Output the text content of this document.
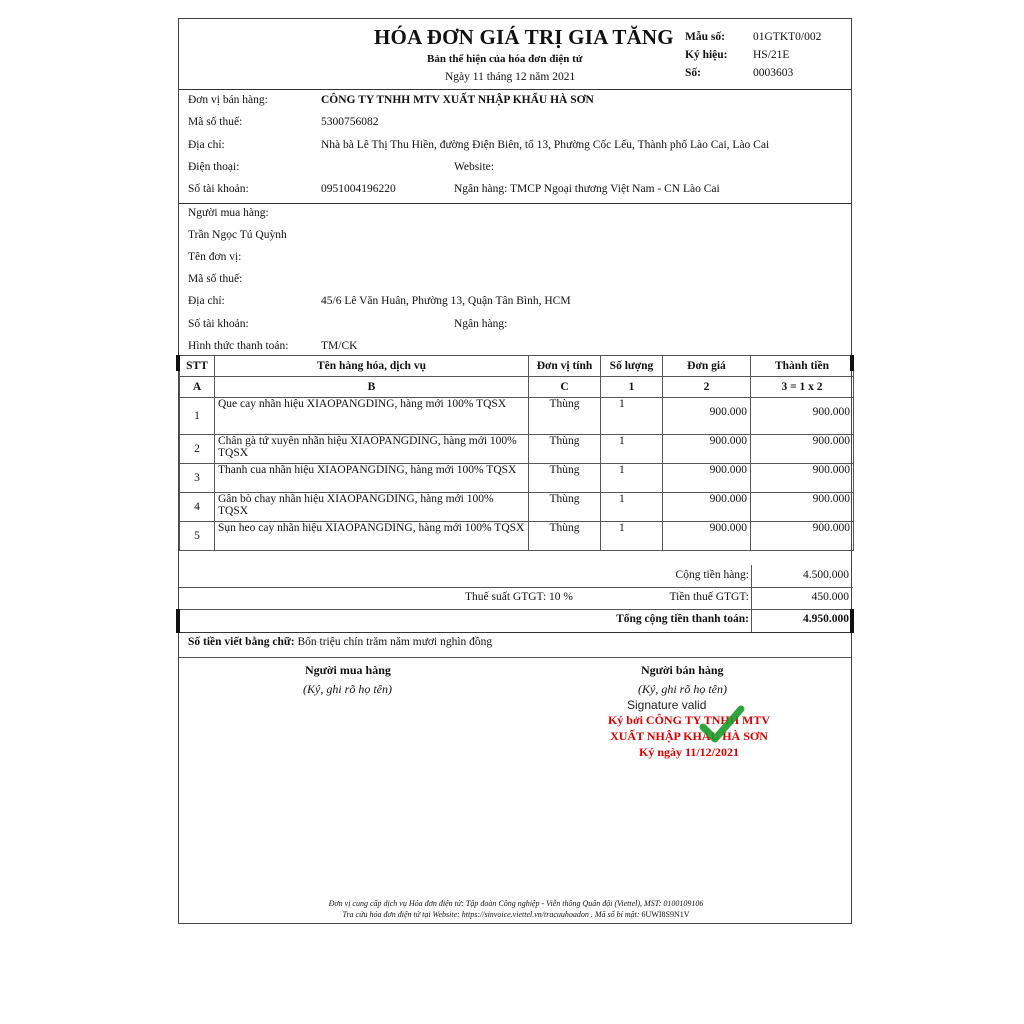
HÓA ĐƠN GIÁ TRỊ GIA TĂNG
Bản thể hiện của hóa đơn điện tử
Ngày 11 tháng 12 năm 2021
Mẫu số: 01GTKT0/002
Ký hiệu: HS/21E
Số:	0003603
Đơn vị bán hàng:	CÔNG TY TNHH MTV XUẤT NHẬP KHẨU HÀ SƠN
Mã số thuế:	5300756082
Địa chỉ:	Nhà bà Lê Thị Thu Hiền, đường Điện Biên, tổ 13, Phường Cốc Lếu, Thành phố Lào Cai, Lào Cai
Điện thoại:	Website:
Số tài khoản:	0951004196220	Ngân hàng: TMCP Ngoại thương Việt Nam - CN Lào Cai
Người mua hàng:
Trần Ngọc Tú Quỳnh
Tên đơn vị:
Mã số thuế:
Địa chỉ:	45/6 Lê Văn Huân, Phường 13, Quận Tân Bình, HCM
Số tài khoản:	Ngân hàng:
Hình thức thanh toán:	TM/CK
STT	Tên hàng hóa, dịch vụ	Đơn vị tính	Số lượng	Đơn giá	Thành tiền
A	B	C	1	2	3 = 1 x 2
1	Que cay nhãn hiệu XIAOPANGDING, hàng mới 100% TQSX	Thùng	1	900.000	900.000
2	Chân gà tứ xuyên nhãn hiệu XIAOPANGDING, hàng mới 100% TQSX	Thùng	1	900.000	900.000
3	Thanh cua nhãn hiệu XIAOPANGDING, hàng mới 100% TQSX	Thùng	1	900.000	900.000
4	Gân bò chay nhãn hiệu XIAOPANGDING, hàng mới 100% TQSX	Thùng	1	900.000	900.000
5	Sụn heo cay nhãn hiệu XIAOPANGDING, hàng mới 100% TQSX	Thùng	1	900.000	900.000
Cộng tiền hàng:	4.500.000
Thuế suất GTGT: 10 %	Tiền thuế GTGT:	450.000
Tổng cộng tiền thanh toán:	4.950.000
Số tiền viết bằng chữ: Bốn triệu chín trăm năm mươi nghìn đồng
Người mua hàng
(Ký, ghi rõ họ tên)
Người bán hàng
(Ký, ghi rõ họ tên)
Signature valid
Ký bởi CÔNG TY TNHH MTV
XUẤT NHẬP KHẨU HÀ SƠN
Ký ngày 11/12/2021
Đơn vị cung cấp dịch vụ Hóa đơn điện tử: Tập đoàn Công nghiệp - Viễn thông Quân đội (Viettel), MST: 0100109106
Tra cứu hóa đơn điện tử tại Website: https://sinvoice.viettel.vn/tracuuhoadon . Mã số bí mật: 6UWI8S9N1V
